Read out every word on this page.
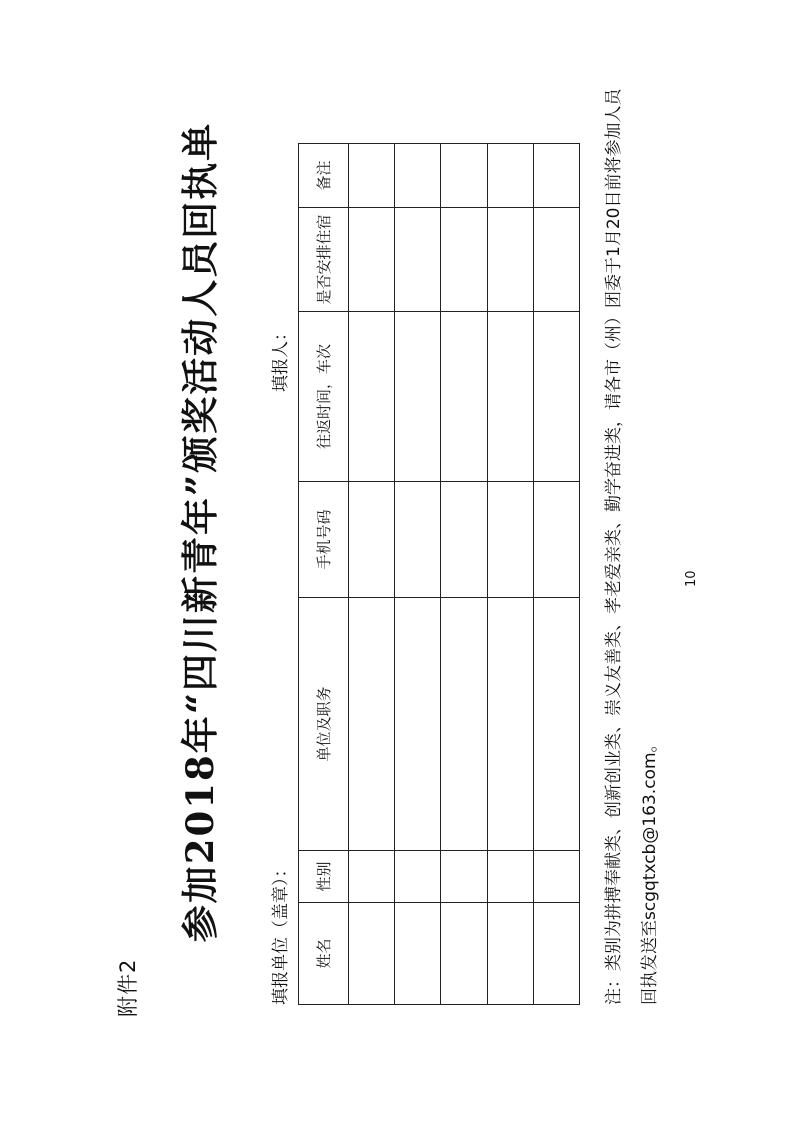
附件2
参加2018年“四川新青年”颁奖活动人员回执单	填报单位（盖章）：
填报人：
姓名	性别	单位及职务	手机号码	往返时间，车次	是否安排住宿	备注

							注：类别为拼搏奉献类、创新创业类、崇义友善类、孝老爱亲类、勤学奋进类，请各市（州）团委于1月20日前将参加人员 回执发送至scgqtxcb@163.com。
10
